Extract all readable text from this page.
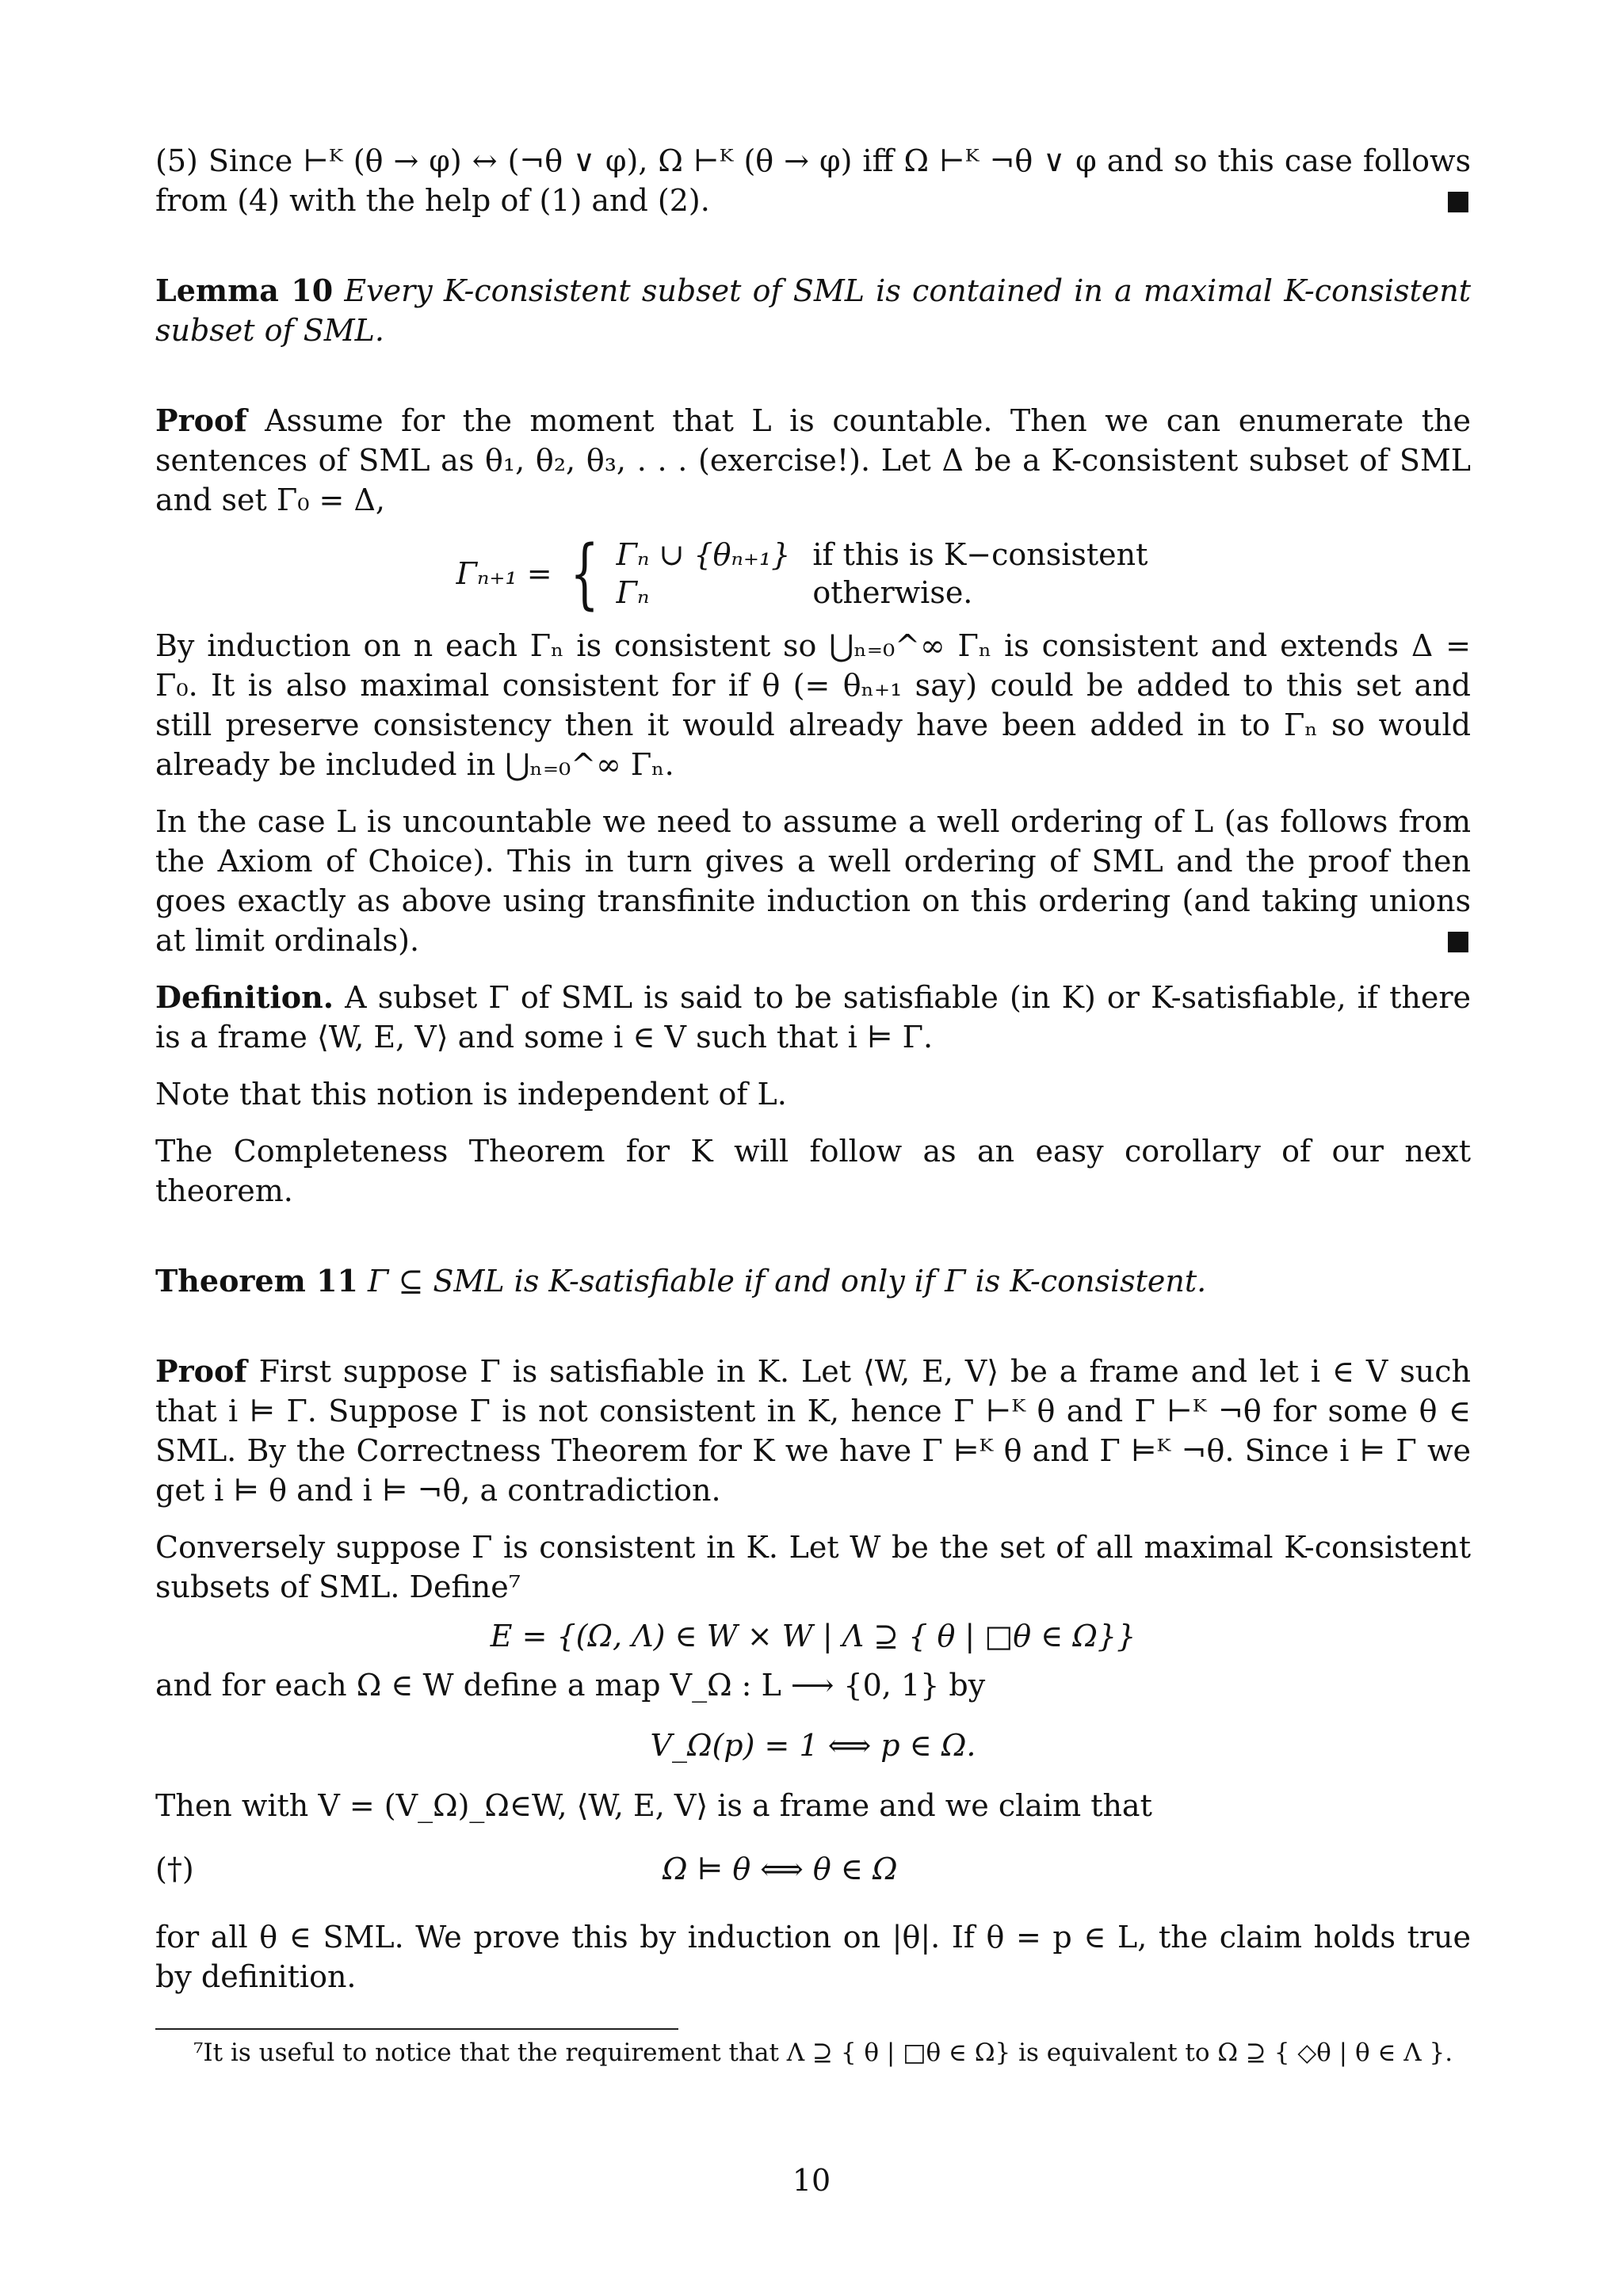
(5) Since ⊢ᴷ (θ → φ) ↔ (¬θ ∨ φ), Ω ⊢ᴷ (θ → φ) iff Ω ⊢ᴷ ¬θ ∨ φ and so this case follows from (4) with the help of (1) and (2).	■

Lemma 10 Every K-consistent subset of SML is contained in a maximal K-consistent subset of SML.

Proof Assume for the moment that L is countable. Then we can enumerate the sentences of SML as θ₁, θ₂, θ₃, . . . (exercise!). Let Δ be a K-consistent subset of SML and set Γ₀ = Δ,

Γₙ₊₁ = { Γₙ ∪ {θₙ₊₁}	if this is K−consistent
Γₙ	otherwise.

By induction on n each Γₙ is consistent so ⋃ₙ₌₀^∞ Γₙ is consistent and extends Δ = Γ₀. It is also maximal consistent for if θ (= θₙ₊₁ say) could be added to this set and still preserve consistency then it would already have been added in to Γₙ so would already be included in ⋃ₙ₌₀^∞ Γₙ.

In the case L is uncountable we need to assume a well ordering of L (as follows from the Axiom of Choice). This in turn gives a well ordering of SML and the proof then goes exactly as above using transfinite induction on this ordering (and taking unions at limit ordinals).	■

Definition. A subset Γ of SML is said to be satisfiable (in K) or K-satisfiable, if there is a frame ⟨W, E, V⟩ and some i ∈ V such that i ⊨ Γ.

Note that this notion is independent of L.

The Completeness Theorem for K will follow as an easy corollary of our next theorem.

Theorem 11 Γ ⊆ SML is K-satisfiable if and only if Γ is K-consistent.

Proof First suppose Γ is satisfiable in K. Let ⟨W, E, V⟩ be a frame and let i ∈ V such that i ⊨ Γ. Suppose Γ is not consistent in K, hence Γ ⊢ᴷ θ and Γ ⊢ᴷ ¬θ for some θ ∈ SML. By the Correctness Theorem for K we have Γ ⊨ᴷ θ and Γ ⊨ᴷ ¬θ. Since i ⊨ Γ we get i ⊨ θ and i ⊨ ¬θ, a contradiction.

Conversely suppose Γ is consistent in K. Let W be the set of all maximal K-consistent subsets of SML. Define⁷

E = {(Ω, Λ) ∈ W × W | Λ ⊇ { θ | □θ ∈ Ω}}

and for each Ω ∈ W define a map V_Ω : L ⟶ {0, 1} by

V_Ω(p) = 1 ⟺ p ∈ Ω.

Then with V = (V_Ω)_Ω∈W, ⟨W, E, V⟩ is a frame and we claim that

(†)	Ω ⊨ θ ⟺ θ ∈ Ω

for all θ ∈ SML. We prove this by induction on |θ|. If θ = p ∈ L, the claim holds true by definition.

⁷It is useful to notice that the requirement that Λ ⊇ { θ | □θ ∈ Ω} is equivalent to Ω ⊇ { ◇θ | θ ∈ Λ }.

10
